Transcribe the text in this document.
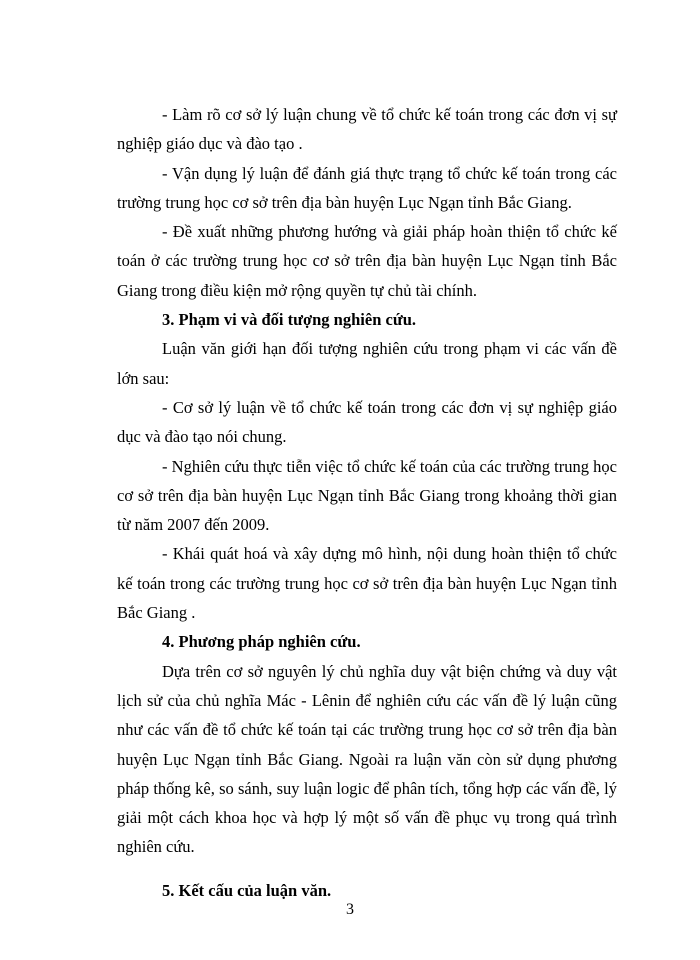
- Làm rõ cơ sở lý luận chung về tổ chức kế toán trong các đơn vị sự nghiệp giáo dục và đào tạo .

- Vận dụng lý luận để đánh giá thực trạng tổ chức kế toán trong các trường trung học cơ sở trên địa bàn huyện Lục Ngạn tỉnh Bắc Giang.

- Đề xuất những phương hướng và giải pháp hoàn thiện tổ chức kế toán ở các trường trung học cơ sở trên địa bàn huyện Lục Ngạn tỉnh Bắc Giang trong điều kiện mở rộng quyền tự chủ tài chính.

3. Phạm vi và đối tượng nghiên cứu.

Luận văn giới hạn đối tượng nghiên cứu trong phạm vi các vấn đề lớn sau:

- Cơ sở lý luận về tổ chức kế toán trong các đơn vị sự nghiệp giáo dục và đào tạo nói chung.

- Nghiên cứu thực tiễn việc tổ chức kế toán của các trường trung học cơ sở trên địa bàn huyện Lục Ngạn tỉnh Bắc Giang trong khoảng thời gian từ năm 2007 đến 2009.

- Khái quát hoá và xây dựng mô hình, nội dung hoàn thiện tổ chức kế toán trong các trường trung học cơ sở trên địa bàn huyện Lục Ngạn tỉnh Bắc Giang .

4. Phương pháp nghiên cứu.

Dựa trên cơ sở nguyên lý chủ nghĩa duy vật biện chứng và duy vật lịch sử của chủ nghĩa Mác - Lênin để nghiên cứu các vấn đề lý luận cũng như các vấn đề tổ chức kế toán tại các trường trung học cơ sở trên địa bàn huyện Lục Ngạn tỉnh Bắc Giang. Ngoài ra luận văn còn sử dụng phương pháp thống kê, so sánh, suy luận logic để phân tích, tổng hợp các vấn đề, lý giải một cách khoa học và hợp lý một số vấn đề phục vụ trong quá trình nghiên cứu.

5. Kết cấu của luận văn.

3
